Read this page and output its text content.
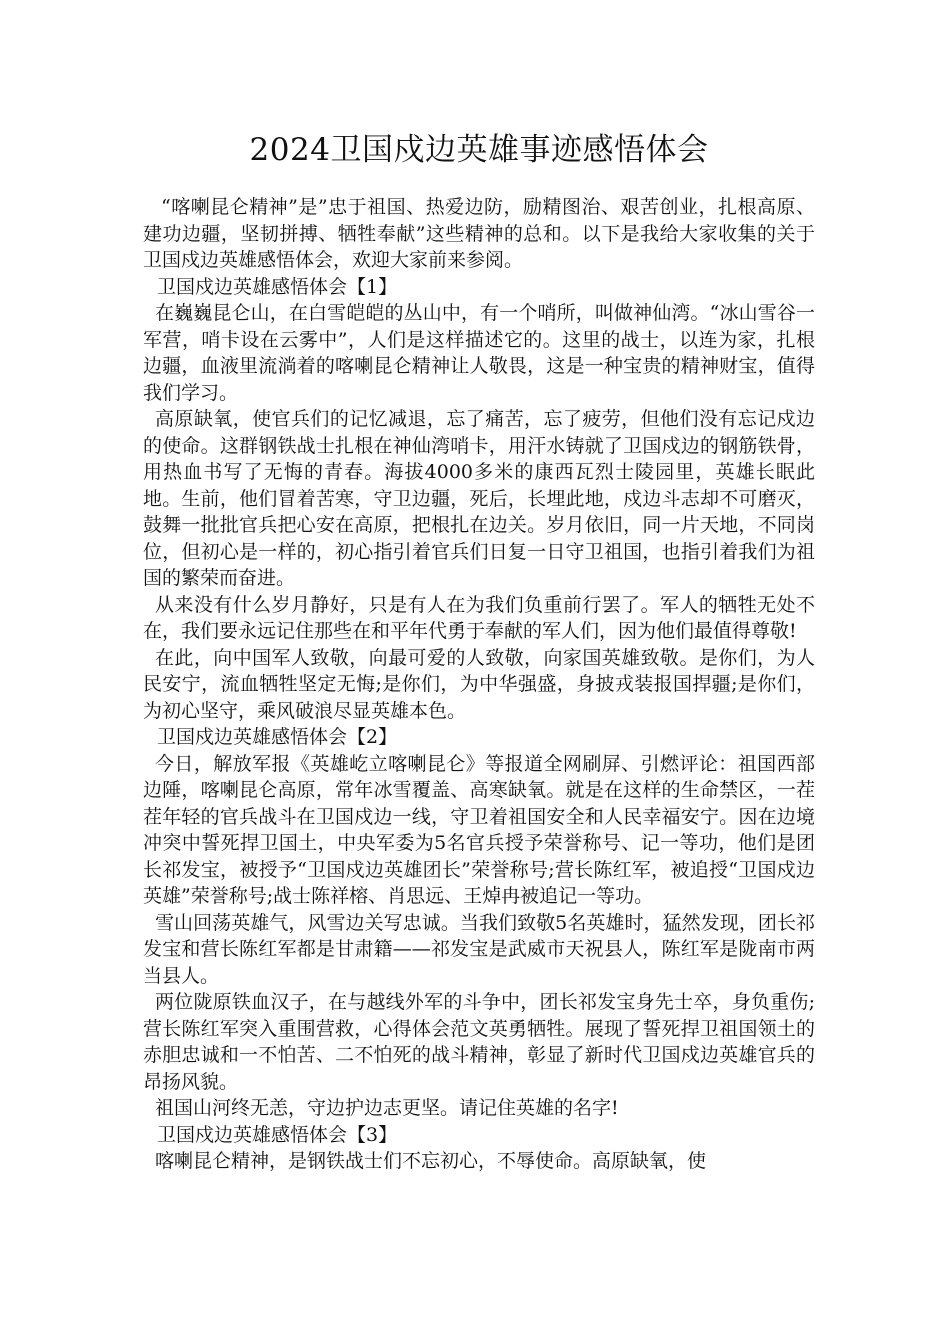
2024卫国戍边英雄事迹感悟体会

“喀喇昆仑精神”是”忠于祖国、热爱边防，励精图治、艰苦创业，扎根高原、建功边疆，坚韧拼搏、牺牲奉献”这些精神的总和。以下是我给大家收集的关于卫国戍边英雄感悟体会，欢迎大家前来参阅。

卫国戍边英雄感悟体会【1】

在巍巍昆仑山，在白雪皑皑的丛山中，有一个哨所，叫做神仙湾。“冰山雪谷一军营，哨卡设在云雾中”，人们是这样描述它的。这里的战士，以连为家，扎根边疆，血液里流淌着的喀喇昆仑精神让人敬畏，这是一种宝贵的精神财宝，值得我们学习。

高原缺氧，使官兵们的记忆减退，忘了痛苦，忘了疲劳，但他们没有忘记戍边的使命。这群钢铁战士扎根在神仙湾哨卡，用汗水铸就了卫国戍边的钢筋铁骨，用热血书写了无悔的青春。海拔4000多米的康西瓦烈士陵园里，英雄长眠此地。生前，他们冒着苦寒，守卫边疆，死后，长埋此地，戍边斗志却不可磨灭，鼓舞一批批官兵把心安在高原，把根扎在边关。岁月依旧，同一片天地，不同岗位，但初心是一样的，初心指引着官兵们日复一日守卫祖国，也指引着我们为祖国的繁荣而奋进。

从来没有什么岁月静好，只是有人在为我们负重前行罢了。军人的牺牲无处不在，我们要永远记住那些在和平年代勇于奉献的军人们，因为他们最值得尊敬!

在此，向中国军人致敬，向最可爱的人致敬，向家国英雄致敬。是你们，为人民安宁，流血牺牲坚定无悔;是你们，为中华强盛，身披戎装报国捍疆;是你们，为初心坚守，乘风破浪尽显英雄本色。

卫国戍边英雄感悟体会【2】

今日，解放军报《英雄屹立喀喇昆仑》等报道全网刷屏、引燃评论：祖国西部边陲，喀喇昆仑高原，常年冰雪覆盖、高寒缺氧。就是在这样的生命禁区，一茬茬年轻的官兵战斗在卫国戍边一线，守卫着祖国安全和人民幸福安宁。因在边境冲突中誓死捍卫国土，中央军委为5名官兵授予荣誉称号、记一等功，他们是团长祁发宝，被授予“卫国戍边英雄团长”荣誉称号;营长陈红军，被追授“卫国戍边英雄”荣誉称号;战士陈祥榕、肖思远、王焯冉被追记一等功。

雪山回荡英雄气，风雪边关写忠诚。当我们致敬5名英雄时，猛然发现，团长祁发宝和营长陈红军都是甘肃籍——祁发宝是武威市天祝县人，陈红军是陇南市两当县人。

两位陇原铁血汉子，在与越线外军的斗争中，团长祁发宝身先士卒，身负重伤;营长陈红军突入重围营救，心得体会范文英勇牺牲。展现了誓死捍卫祖国领土的赤胆忠诚和一不怕苦、二不怕死的战斗精神，彰显了新时代卫国戍边英雄官兵的昂扬风貌。

祖国山河终无恙，守边护边志更坚。请记住英雄的名字!

卫国戍边英雄感悟体会【3】

喀喇昆仑精神，是钢铁战士们不忘初心，不辱使命。高原缺氧，使
